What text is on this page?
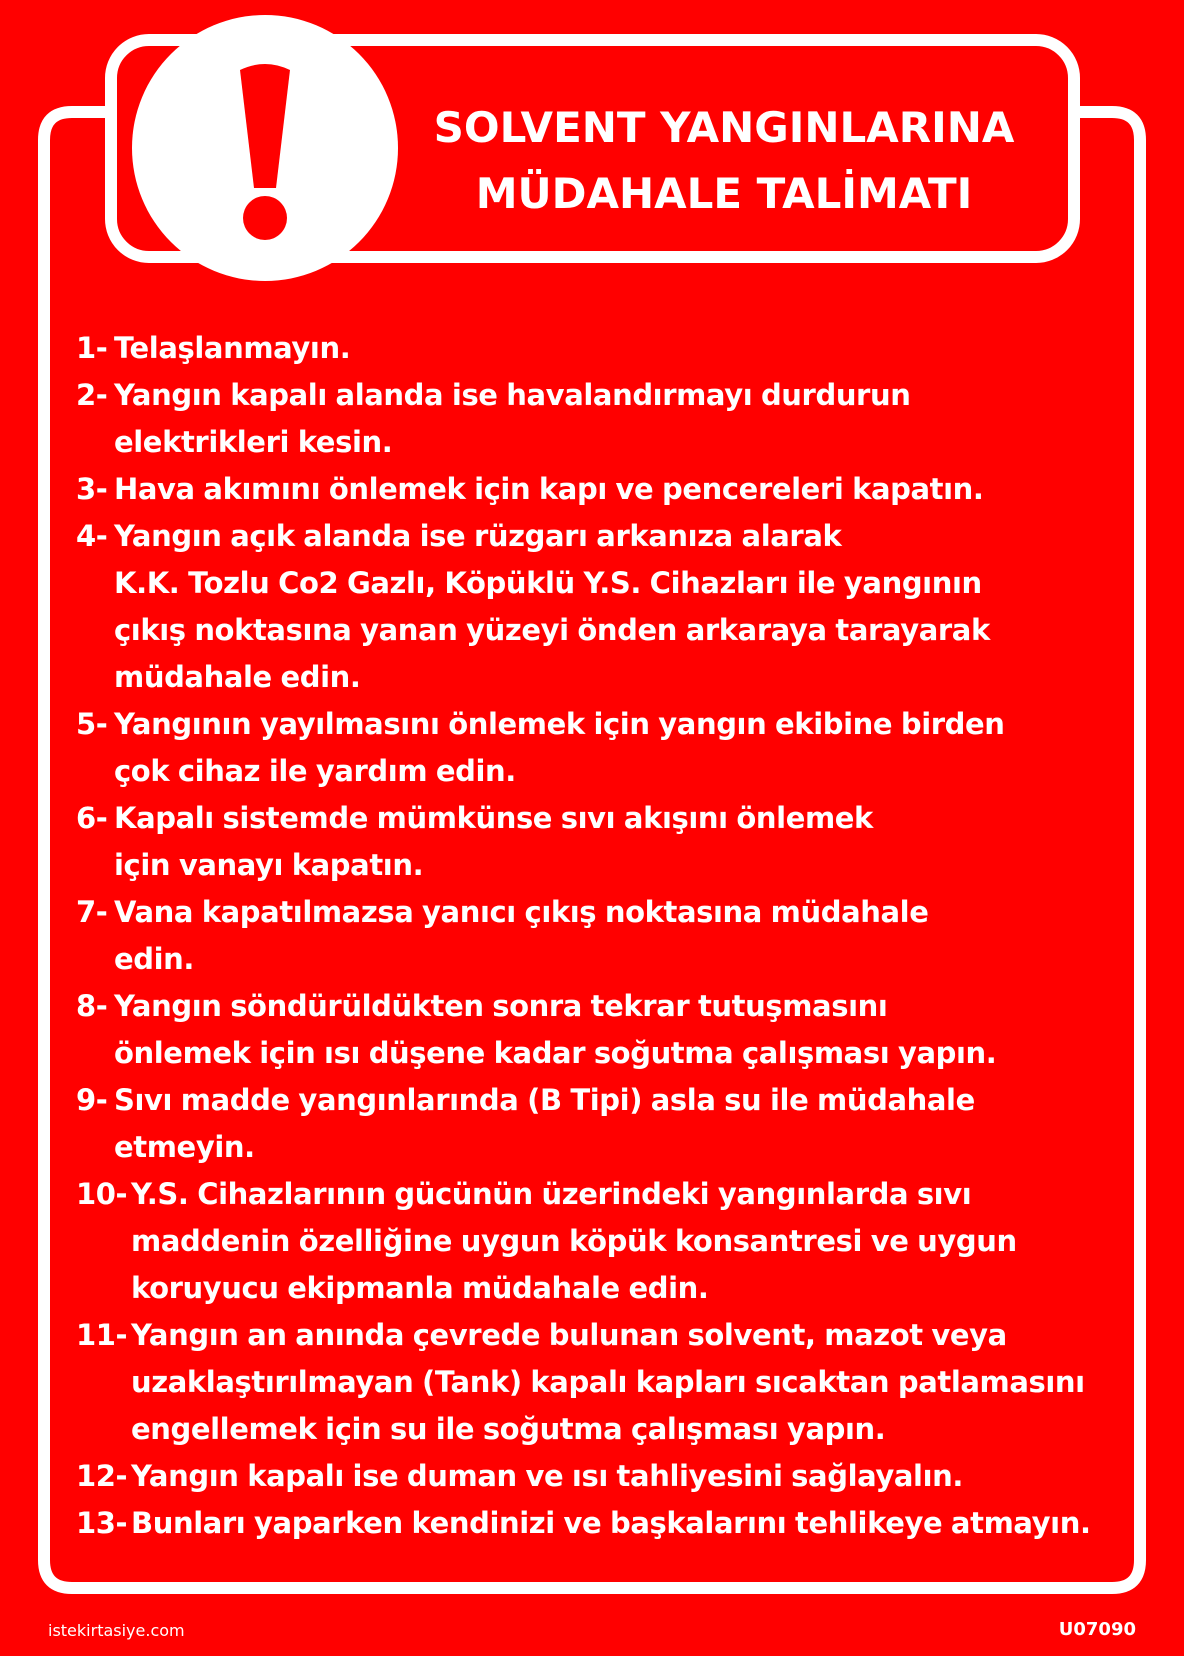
SOLVENT YANGINLARINA
MÜDAHALE TALİMATI
1- Telaşlanmayın.
2- Yangın kapalı alanda ise havalandırmayı durdurun
elektrikleri kesin.
3- Hava akımını önlemek için kapı ve pencereleri kapatın.
4- Yangın açık alanda ise rüzgarı arkanıza alarak
K.K. Tozlu Co2 Gazlı, Köpüklü Y.S. Cihazları ile yangının
çıkış noktasına yanan yüzeyi önden arkaraya tarayarak
müdahale edin.
5- Yangının yayılmasını önlemek için yangın ekibine birden
çok cihaz ile yardım edin.
6- Kapalı sistemde mümkünse sıvı akışını önlemek
için vanayı kapatın.
7- Vana kapatılmazsa yanıcı çıkış noktasına müdahale
edin.
8- Yangın söndürüldükten sonra tekrar tutuşmasını
önlemek için ısı düşene kadar soğutma çalışması yapın.
9- Sıvı madde yangınlarında (B Tipi) asla su ile müdahale
etmeyin.
10- Y.S. Cihazlarının gücünün üzerindeki yangınlarda sıvı
maddenin özelliğine uygun köpük konsantresi ve uygun
koruyucu ekipmanla müdahale edin.
11- Yangın an anında çevrede bulunan solvent, mazot veya
uzaklaştırılmayan (Tank) kapalı kapları sıcaktan patlamasını
engellemek için su ile soğutma çalışması yapın.
12- Yangın kapalı ise duman ve ısı tahliyesini sağlayalın.
13- Bunları yaparken kendinizi ve başkalarını tehlikeye atmayın.
istekirtasiye.com	U07090
